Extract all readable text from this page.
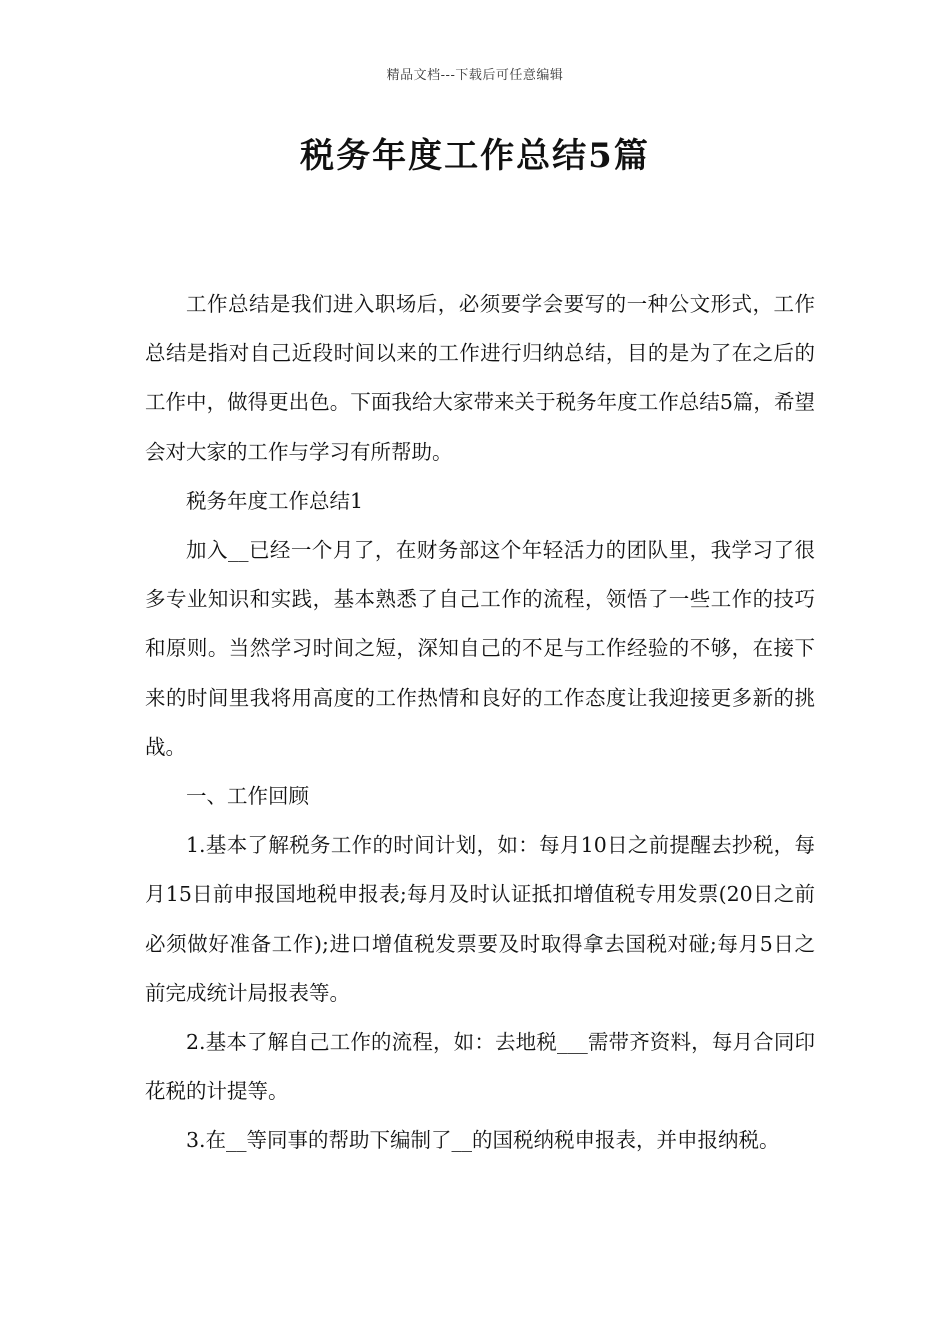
精品文档---下载后可任意编辑
税务年度工作总结5篇

工作总结是我们进入职场后，必须要学会要写的一种公文形式，工作总结是指对自己近段时间以来的工作进行归纳总结，目的是为了在之后的工作中，做得更出色。下面我给大家带来关于税务年度工作总结5篇，希望会对大家的工作与学习有所帮助。

税务年度工作总结1

加入__已经一个月了，在财务部这个年轻活力的团队里，我学习了很多专业知识和实践，基本熟悉了自己工作的流程，领悟了一些工作的技巧和原则。当然学习时间之短，深知自己的不足与工作经验的不够，在接下来的时间里我将用高度的工作热情和良好的工作态度让我迎接更多新的挑战。

一、工作回顾

1.基本了解税务工作的时间计划，如：每月10日之前提醒去抄税，每月15日前申报国地税申报表;每月及时认证抵扣增值税专用发票(20日之前必须做好准备工作);进口增值税发票要及时取得拿去国税对碰;每月5日之前完成统计局报表等。

2.基本了解自己工作的流程，如：去地税___需带齐资料，每月合同印花税的计提等。

3.在__等同事的帮助下编制了__的国税纳税申报表，并申报纳税。
